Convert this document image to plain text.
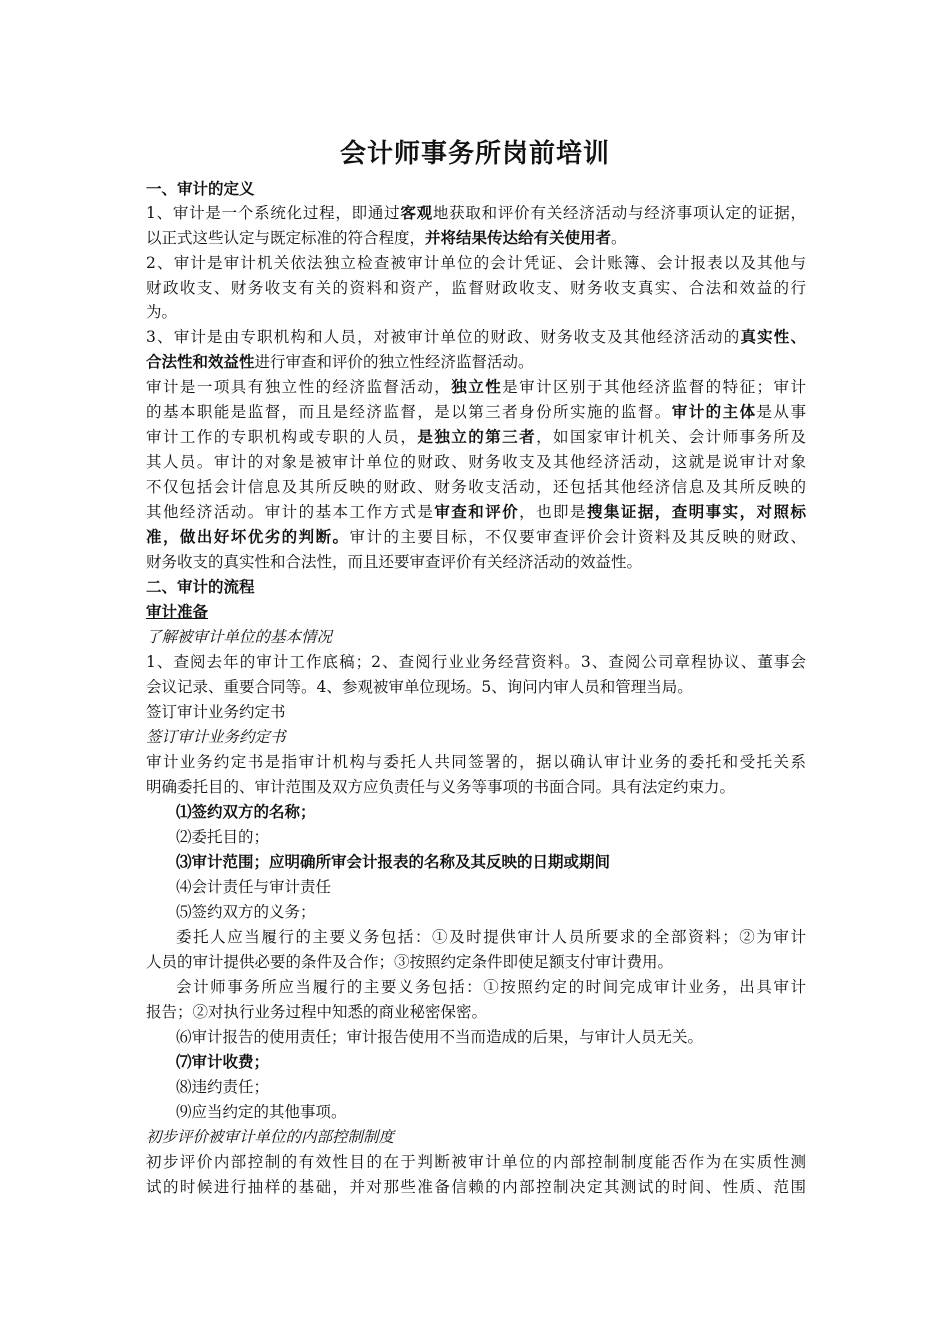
会计师事务所岗前培训
一、审计的定义
1、审计是一个系统化过程，即通过客观地获取和评价有关经济活动与经济事项认定的证据，
以正式这些认定与既定标准的符合程度，并将结果传达给有关使用者。
2、审计是审计机关依法独立检查被审计单位的会计凭证、会计账簿、会计报表以及其他与
财政收支、财务收支有关的资料和资产，监督财政收支、财务收支真实、合法和效益的行
为。
3、审计是由专职机构和人员，对被审计单位的财政、财务收支及其他经济活动的真实性、
合法性和效益性进行审查和评价的独立性经济监督活动。
审计是一项具有独立性的经济监督活动，独立性是审计区别于其他经济监督的特征；审计
的基本职能是监督，而且是经济监督，是以第三者身份所实施的监督。审计的主体是从事
审计工作的专职机构或专职的人员，是独立的第三者，如国家审计机关、会计师事务所及
其人员。审计的对象是被审计单位的财政、财务收支及其他经济活动，这就是说审计对象
不仅包括会计信息及其所反映的财政、财务收支活动，还包括其他经济信息及其所反映的
其他经济活动。审计的基本工作方式是审查和评价，也即是搜集证据，查明事实，对照标
准，做出好坏优劣的判断。审计的主要目标，不仅要审查评价会计资料及其反映的财政、
财务收支的真实性和合法性，而且还要审查评价有关经济活动的效益性。
二、审计的流程
审计准备
了解被审计单位的基本情况
1、查阅去年的审计工作底稿；2、查阅行业业务经营资料。3、查阅公司章程协议、董事会
会议记录、重要合同等。4、参观被审单位现场。5、询问内审人员和管理当局。
签订审计业务约定书
签订审计业务约定书
审计业务约定书是指审计机构与委托人共同签署的，据以确认审计业务的委托和受托关系
明确委托目的、审计范围及双方应负责任与义务等事项的书面合同。具有法定约束力。
⑴签约双方的名称；
⑵委托目的；
⑶审计范围；应明确所审会计报表的名称及其反映的日期或期间
⑷会计责任与审计责任
⑸签约双方的义务；
委托人应当履行的主要义务包括：①及时提供审计人员所要求的全部资料；②为审计
人员的审计提供必要的条件及合作；③按照约定条件即使足额支付审计费用。
会计师事务所应当履行的主要义务包括：①按照约定的时间完成审计业务，出具审计
报告；②对执行业务过程中知悉的商业秘密保密。
⑹审计报告的使用责任；审计报告使用不当而造成的后果，与审计人员无关。
⑺审计收费；
⑻违约责任；
⑼应当约定的其他事项。
初步评价被审计单位的内部控制制度
初步评价内部控制的有效性目的在于判断被审计单位的内部控制制度能否作为在实质性测
试的时候进行抽样的基础，并对那些准备信赖的内部控制决定其测试的时间、性质、范围
